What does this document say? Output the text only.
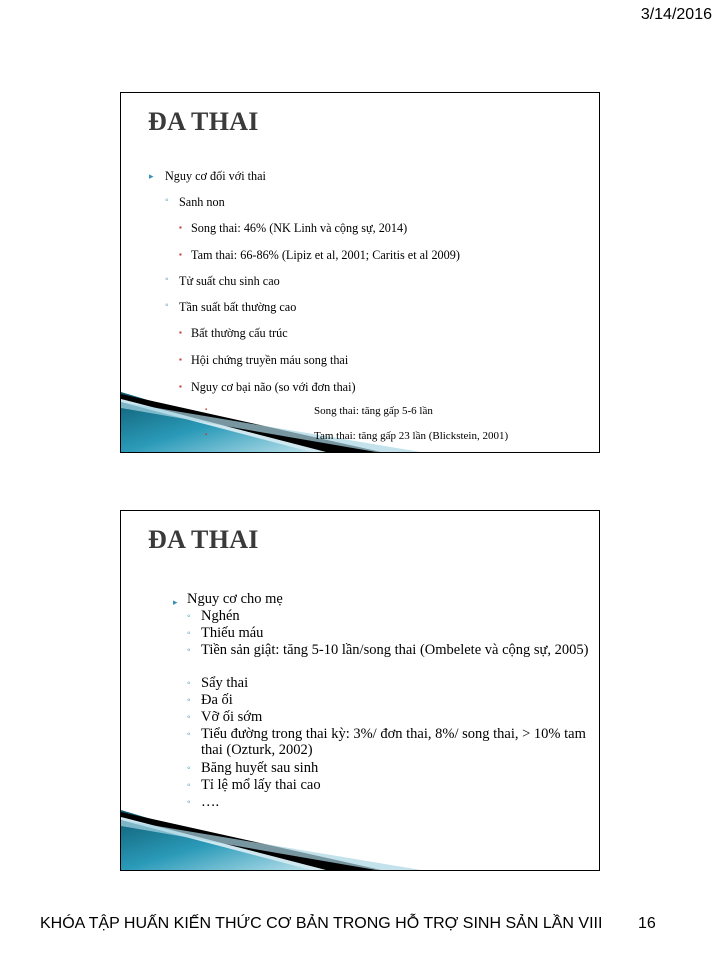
3/14/2016
ĐA THAI
▸ Nguy cơ đối với thai
◦ Sanh non
▪ Song thai: 46% (NK Linh và cộng sự, 2014)
▪ Tam thai: 66-86% (Lipiz et al, 2001; Caritis et al 2009)
◦ Tử suất chu sinh cao
◦ Tần suất bất thường cao
▪ Bất thường cấu trúc
▪ Hội chứng truyền máu song thai
▪ Nguy cơ bại não (so với đơn thai)
▪	Song thai: tăng gấp 5-6 lần
▪	Tam thai: tăng gấp 23 lần (Blickstein, 2001)
ĐA THAI
▸ Nguy cơ cho mẹ
◦ Nghén
◦ Thiếu máu
◦ Tiền sản giật: tăng 5-10 lần/song thai (Ombelete và cộng sự, 2005)
◦ Sẩy thai
◦ Đa ối
◦ Vỡ ối sớm
◦ Tiểu đường trong thai kỳ: 3%/ đơn thai, 8%/ song thai, > 10% tam thai (Ozturk, 2002)
◦ Băng huyết sau sinh
◦ Tỉ lệ mổ lấy thai cao
◦ ….
KHÓA TẬP HUẤN KIẾN THỨC CƠ BẢN TRONG HỖ TRỢ SINH SẢN LẦN VIII 16
